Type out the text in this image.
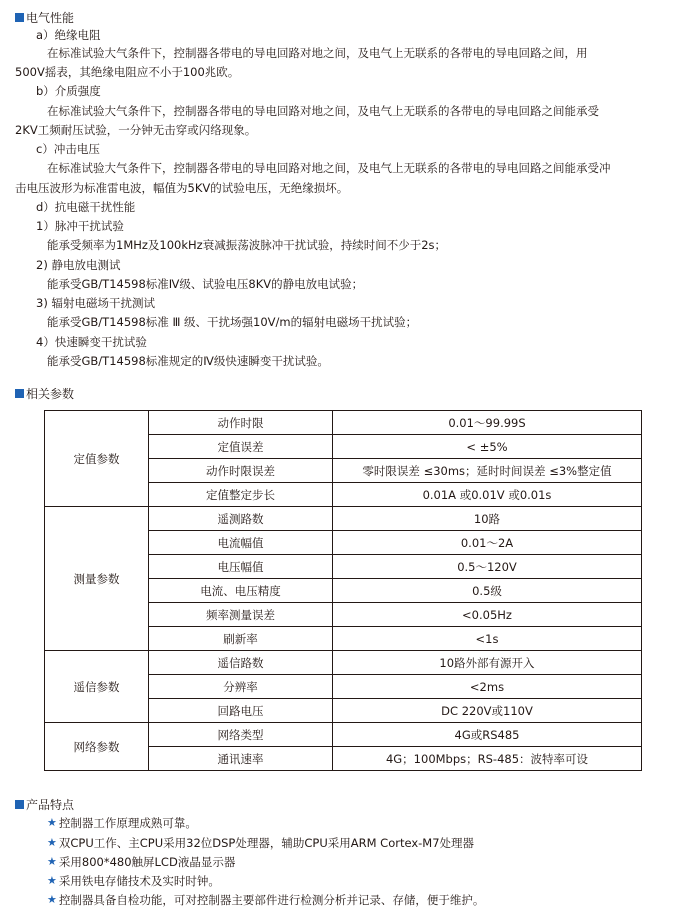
电气性能
a）绝缘电阻
在标准试验大气条件下，控制器各带电的导电回路对地之间，及电气上无联系的各带电的导电回路之间，用
500V摇表，其绝缘电阻应不小于100兆欧。
b）介质强度
在标准试验大气条件下，控制器各带电的导电回路对地之间，及电气上无联系的各带电的导电回路之间能承受
2KV工频耐压试验，一分钟无击穿或闪络现象。
c）冲击电压
在标准试验大气条件下，控制器各带电的导电回路对地之间，及电气上无联系的各带电的导电回路之间能承受冲
击电压波形为标准雷电波，幅值为5KV的试验电压，无绝缘损坏。
d）抗电磁干扰性能
1）脉冲干扰试验
能承受频率为1MHz及100kHz衰减振荡波脉冲干扰试验，持续时间不少于2s；
2) 静电放电测试
能承受GB/T14598标准Ⅳ级、试验电压8KV的静电放电试验；
3) 辐射电磁场干扰测试
能承受GB/T14598标准 Ⅲ 级、干扰场强10V/m的辐射电磁场干扰试验；
4）快速瞬变干扰试验
能承受GB/T14598标准规定的Ⅳ级快速瞬变干扰试验。
相关参数
定值参数	动作时限	0.01～99.99S
	定值误差	< ±5%
	动作时限误差	零时限误差 ≤30ms；延时时间误差 ≤3%整定值
	定值整定步长	0.01A 或0.01V 或0.01s
测量参数	遥测路数	10路
	电流幅值	0.01～2A
	电压幅值	0.5～120V
	电流、电压精度	0.5级
	频率测量误差	<0.05Hz
	刷新率	<1s
遥信参数	遥信路数	10路外部有源开入
	分辨率	<2ms
	回路电压	DC 220V或110V
网络参数	网络类型	4G或RS485
	通讯速率	4G；100Mbps；RS-485：波特率可设
产品特点
★ 控制器工作原理成熟可靠。
★ 双CPU工作、主CPU采用32位DSP处理器，辅助CPU采用ARM Cortex-M7处理器
★ 采用800*480触屏LCD液晶显示器
★ 采用铁电存储技术及实时时钟。
★ 控制器具备自检功能，可对控制器主要部件进行检测分析并记录、存储，便于维护。
